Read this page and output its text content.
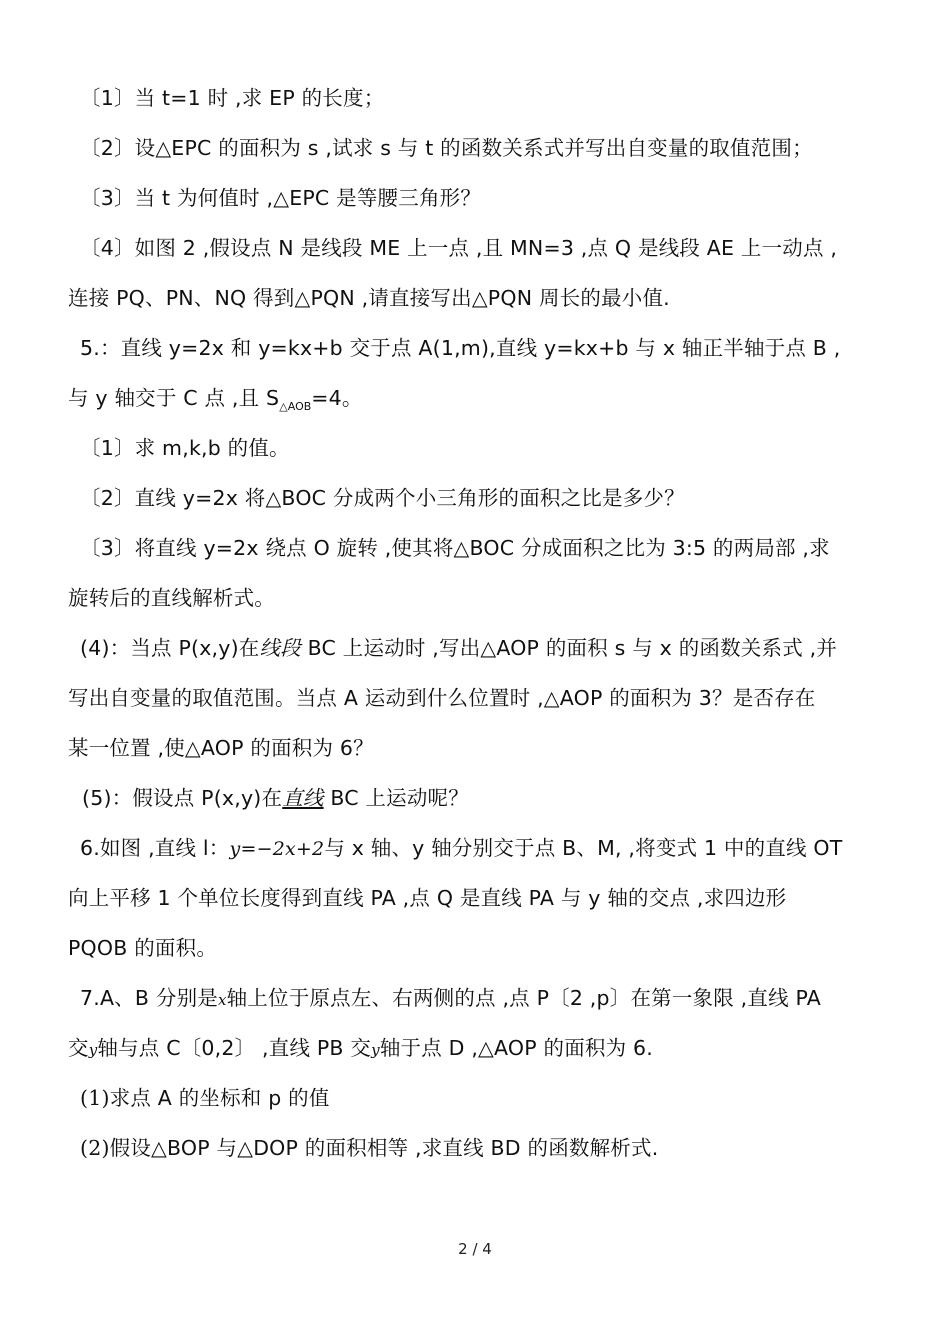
〔1〕当 t=1 时 ,求 EP 的长度；
〔2〕设△EPC 的面积为 s ,试求 s 与 t 的函数关系式并写出自变量的取值范围；
〔3〕当 t 为何值时 ,△EPC 是等腰三角形？
〔4〕如图 2 ,假设点 N 是线段 ME 上一点 ,且 MN=3 ,点 Q 是线段 AE 上一动点 ,
连接 PQ、PN、NQ 得到△PQN ,请直接写出△PQN 周长的最小值.
5.：直线 y=2x 和 y=kx+b 交于点 A(1,m),直线 y=kx+b 与 x 轴正半轴于点 B ,
与 y 轴交于 C 点 ,且 $S_{\triangle AOB}=4$。
〔1〕求 m,k,b 的值。
〔2〕直线 y=2x 将△BOC 分成两个小三角形的面积之比是多少？
〔3〕将直线 y=2x 绕点 O 旋转 ,使其将△BOC 分成面积之比为 3:5 的两局部 ,求
旋转后的直线解析式。
(4)：当点 P(x,y)在线段 BC 上运动时 ,写出△AOP 的面积 s 与 x 的函数关系式 ,并
写出自变量的取值范围。当点 A 运动到什么位置时 ,△AOP 的面积为 3？是否存在
某一位置 ,使△AOP 的面积为 6？
(5)：假设点 P(x,y)在直线 BC 上运动呢？
6.如图 ,直线 l：y=−2x+2与 x 轴、y 轴分别交于点 B、M, ,将变式 1 中的直线 OT
向上平移 1 个单位长度得到直线 PA ,点 Q 是直线 PA 与 y 轴的交点 ,求四边形
PQOB 的面积。
7.A、B 分别是x轴上位于原点左、右两侧的点 ,点 P〔2 ,p〕在第一象限 ,直线 PA
交y轴与点 C〔0,2〕 ,直线 PB 交y轴于点 D ,△AOP 的面积为 6.
(1)求点 A 的坐标和 p 的值
(2)假设△BOP 与△DOP 的面积相等 ,求直线 BD 的函数解析式.
2 / 4
